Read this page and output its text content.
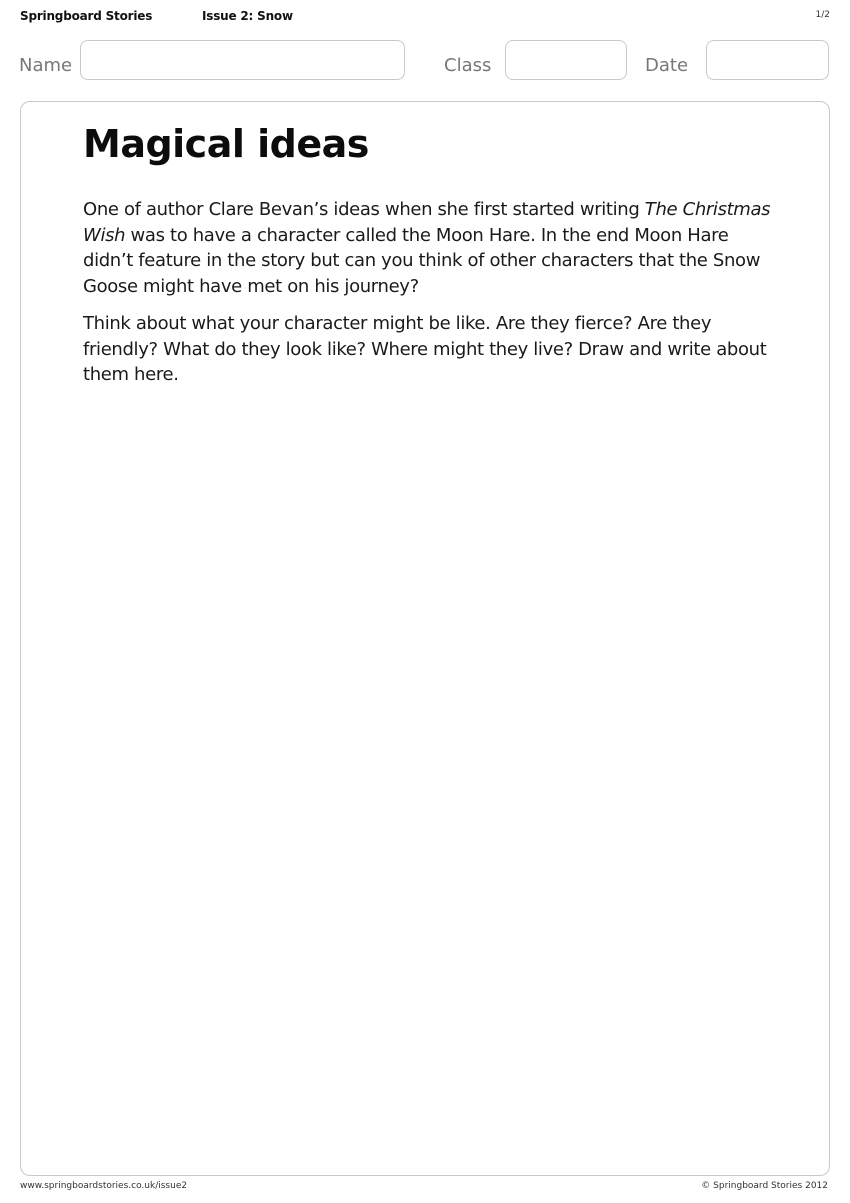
Springboard Stories	Issue 2: Snow	1/2
Name	Class	Date
Magical ideas

One of author Clare Bevan’s ideas when she first started writing The Christmas Wish was to have a character called the Moon Hare. In the end Moon Hare didn’t feature in the story but can you think of other characters that the Snow Goose might have met on his journey?

Think about what your character might be like. Are they fierce? Are they friendly? What do they look like? Where might they live? Draw and write about them here.

www.springboardstories.co.uk/issue2	© Springboard Stories 2012
